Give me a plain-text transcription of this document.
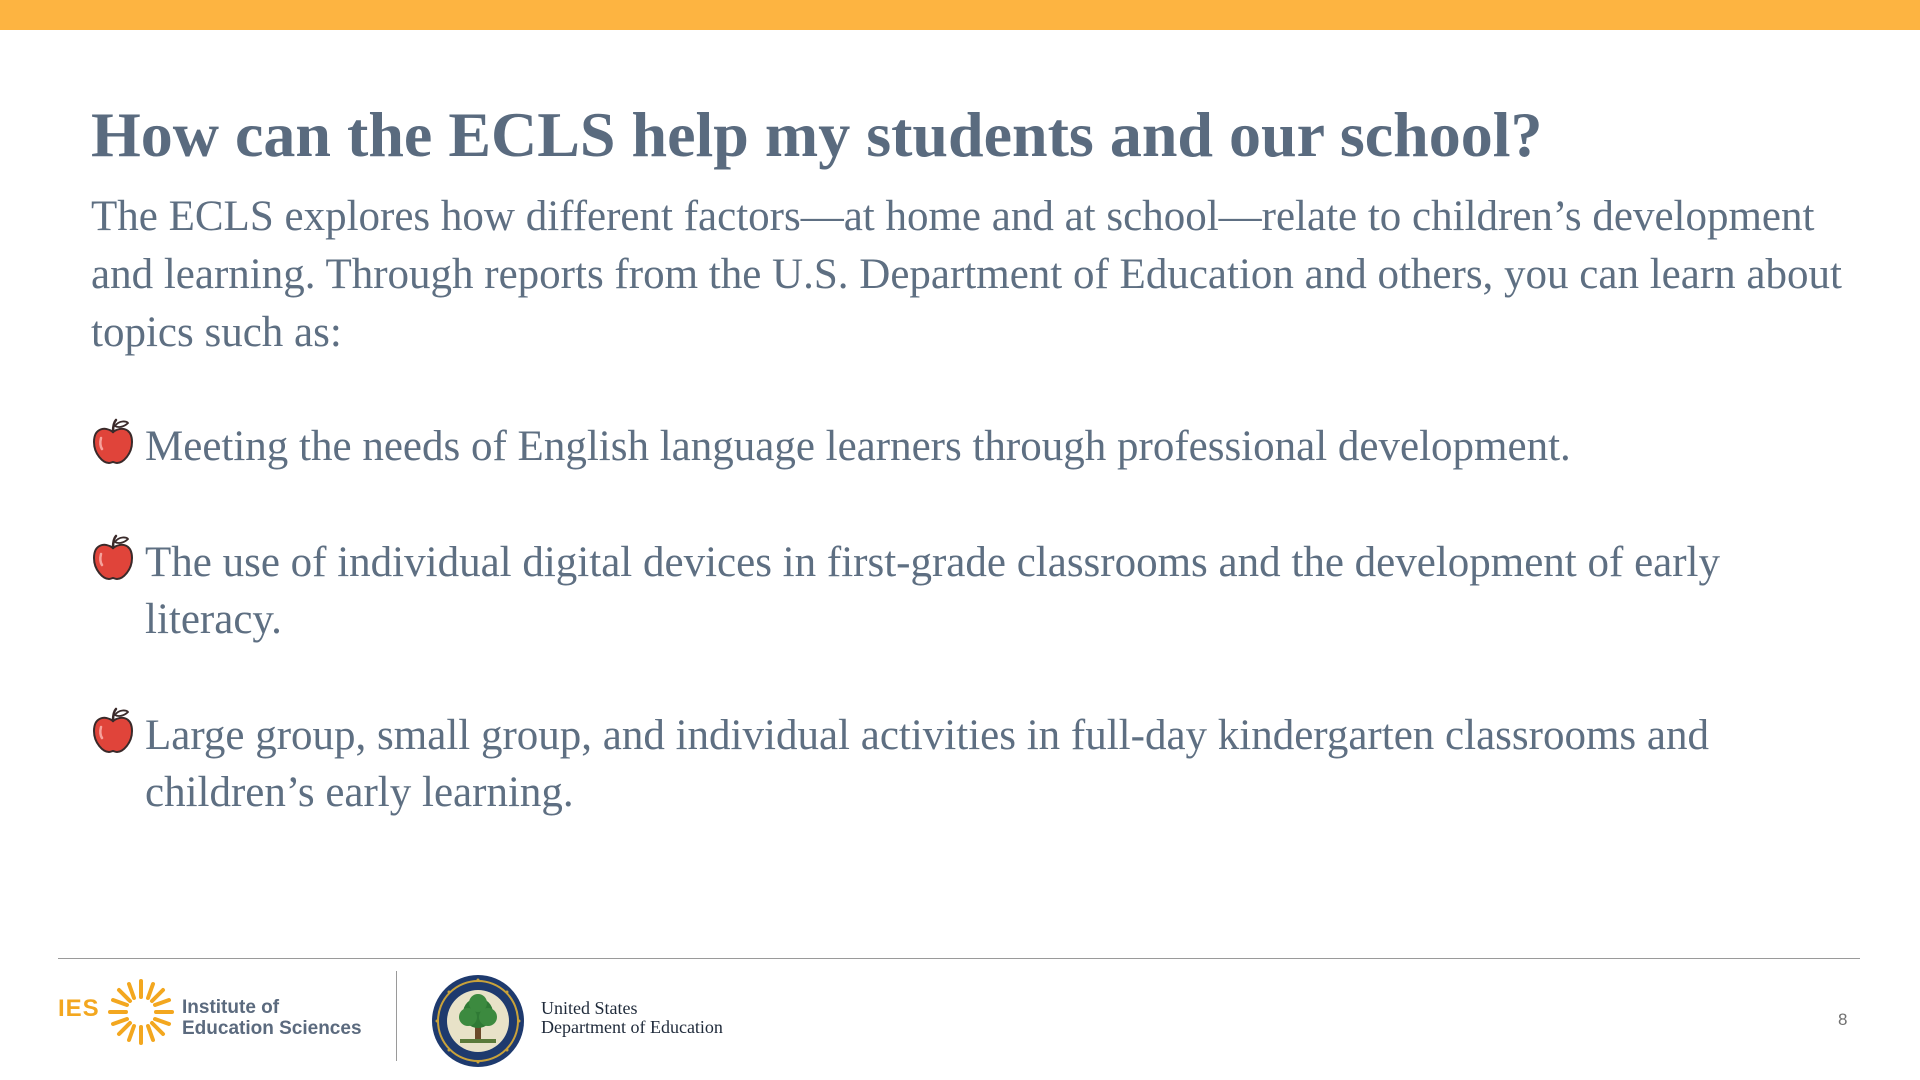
How can the ECLS help my students and our school?

The ECLS explores how different factors—at home and at school—relate to children’s development and learning. Through reports from the U.S. Department of Education and others, you can learn about topics such as:

Meeting the needs of English language learners through professional development.
The use of individual digital devices in first-grade classrooms and the development of early literacy.
Large group, small group, and individual activities in full-day kindergarten classrooms and children’s early learning.
IES	Institute of
Education Sciences
United States
Department of Education	8
